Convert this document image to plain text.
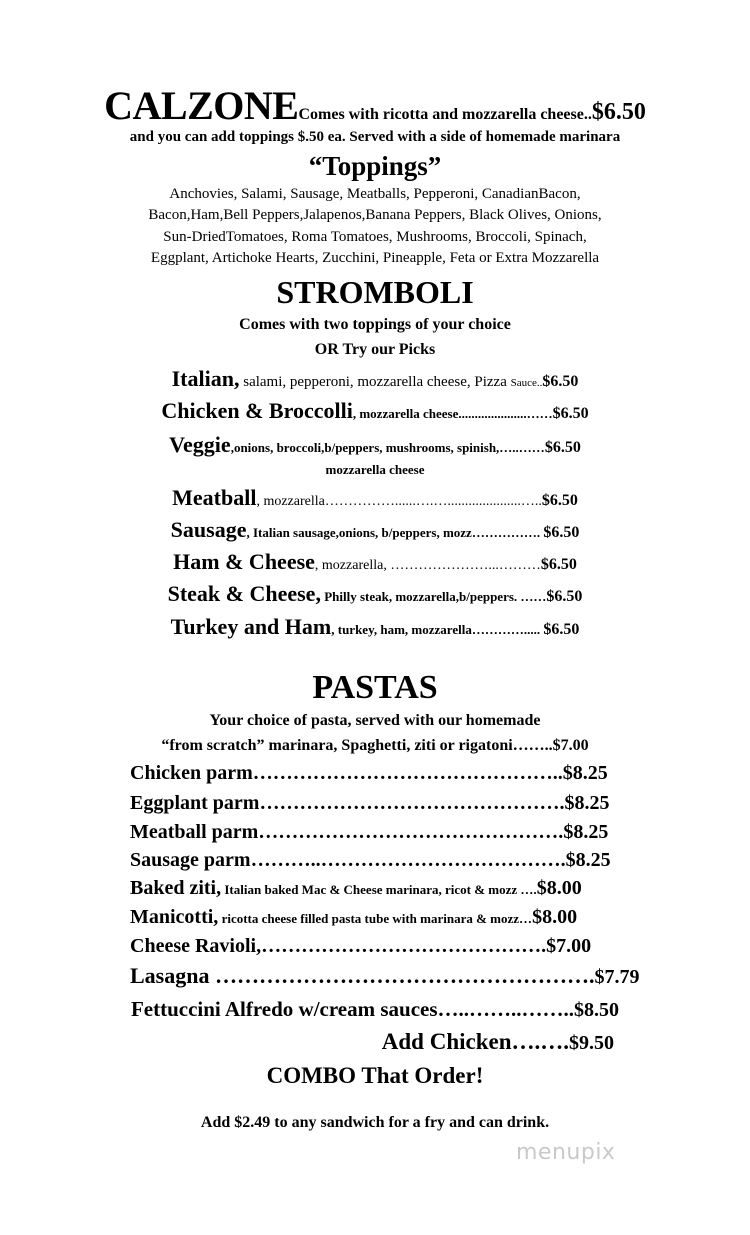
CALZONEComes with ricotta and mozzarella cheese..$6.50
and you can add toppings $.50 ea. Served with a side of homemade marinara
“Toppings”
Anchovies, Salami, Sausage, Meatballs, Pepperoni, CanadianBacon,
Bacon,Ham,Bell Peppers,Jalapenos,Banana Peppers, Black Olives, Onions,
Sun-DriedTomatoes, Roma Tomatoes, Mushrooms, Broccoli, Spinach,
Eggplant, Artichoke Hearts, Zucchini, Pineapple, Feta or Extra Mozzarella
STROMBOLI
Comes with two toppings of your choice
OR Try our Picks
Italian, salami, pepperoni, mozzarella cheese, Pizza Sauce..$6.50
Chicken & Broccolli, mozzarella cheese.....................……$6.50
Veggie,onions, broccoli,b/peppers, mushrooms, spinish,…..……$6.50
mozzarella cheese
Meatball, mozzarella……………......….….....................…..$6.50
Sausage, Italian sausage,onions, b/peppers, mozz……………. $6.50
Ham & Cheese, mozzarella, …………………...………$6.50
Steak & Cheese, Philly steak, mozzarella,b/peppers. ……$6.50
Turkey and Ham, turkey, ham, mozzarella…………..... $6.50
PASTAS
Your choice of pasta, served with our homemade
“from scratch” marinara, Spaghetti, ziti or rigatoni……..$7.00
Chicken parm………………………………………..$8.25
Eggplant parm……………………………………….$8.25
Meatball parm……………………………………….$8.25
Sausage parm………..……………………………….$8.25
Baked ziti, Italian baked Mac & Cheese marinara, ricot & mozz ….$8.00
Manicotti, ricotta cheese filled pasta tube with marinara & mozz…$8.00
Cheese Ravioli,…………………………………….$7.00
Lasagna …………………………………………….$7.79
Fettuccini Alfredo w/cream sauces…..……..……..$8.50
Add Chicken….….$9.50
COMBO That Order!
Add $2.49 to any sandwich for a fry and can drink.
menupix
